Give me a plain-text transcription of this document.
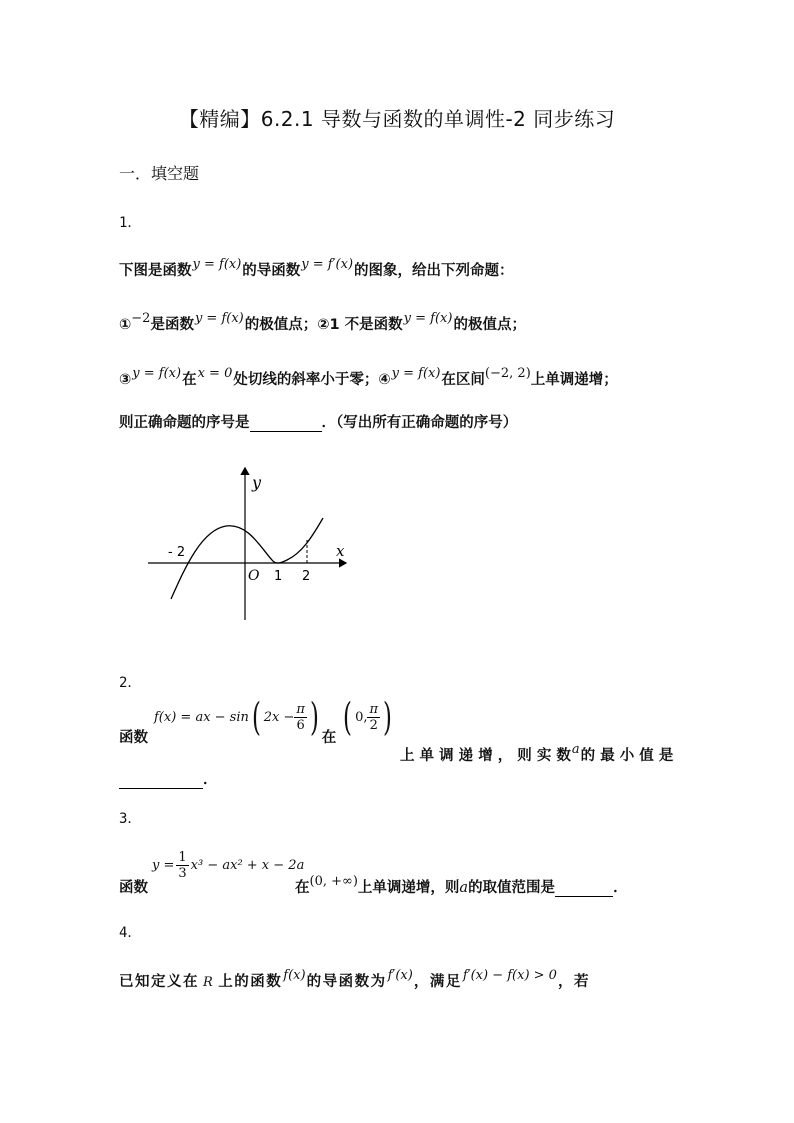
【精编】6.2.1 导数与函数的单调性-2 同步练习
一．填空题
1．
下图是函数y = f(x)的导函数y = f′(x)的图象，给出下列命题：
①−2是函数y = f(x)的极值点；②1 不是函数y = f(x)的极值点；
③y = f(x)在x = 0处切线的斜率小于零；④y = f(x)在区间(−2, 2)上单调递增；
则正确命题的序号是	．（写出所有正确命题的序号）
y
x
O
- 2
1 2
2．
函数
f(x) = ax − sin ( $2x - \frac{\pi}{6}$ ) 在 ( 0, $\frac{\pi}{2}$ )
上 单 调 递 增 ， 则 实 数a的 最 小 值 是
．
3．
函数
$y = \frac{1}{3} x^3 - ax^2 + x - 2a$
在(0, +∞)上单调递增，则a的取值范围是	．
4．
已知定义在 R 上的函数f(x)的导函数为f′(x)，满足f′(x) − f(x) > 0，若
